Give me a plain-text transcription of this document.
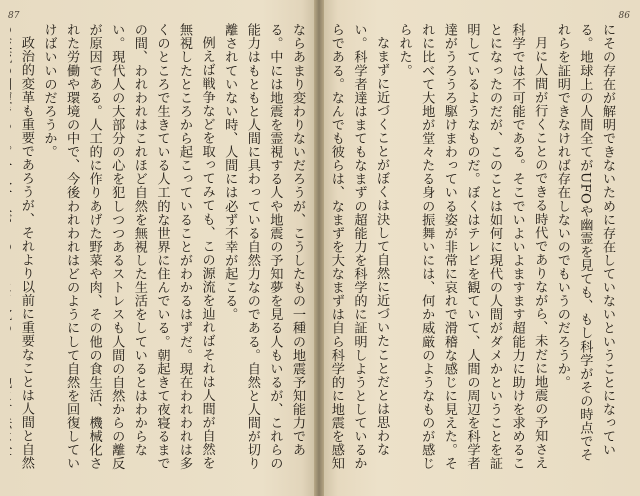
87

ならあまり変わりないだろうが、こうしたもの一種の地震予知能力である。中には地震を霊視する人や地震の予知夢を見る人もいるが、これらの能力はもともと人間に具わっている自然力なのである。自然と人間が切り離されていない時、人間には必ず不幸が起こる。

例えば戦争などを取ってみても、この源流を辿ればそれは人間が自然を無視したところから起こっていることがわかるはずだ。現在われわれは多くのところで生きている人工的な世界に住んでいる。朝起きて夜寝るまでの間、われわれはこれほど自然を無視した生活をしているとはわからない。現代人の大部分の心を犯しつつあるストレスも人間の自然からの離反が原因である。人工的に作りあげた野菜や肉、その他の食生活、機械化された労働や環境の中で、今後われわれはどのようにして自然を回復していけばいいのだろうか。

政治的変革も重要であろうが、それより以前に重要なことは人間と自然

86

にその存在が解明できないために存在していないということになっている。地球上の人間全てがUFOや幽霊を見ても、もし科学がその時点でそれらを証明できなければ存在しないのでもいうのだろうか。

月に人間が行くことのできる時代でありながら、未だに地震の予知さえ科学では不可能である。そこでいよいよますます超能力に助けを求めることになったのだが、このことは如何に現代の人間がダメかということを証明しているようなものだ。ぼくはテレビを観ていて、人間の周辺を科学者達がうろうろ駆けまわっている姿が非常に哀れで滑稽な感じに見えた。それに比べて大地が堂々たる身の振舞いには、何か威厳のようなものが感じられた。

なまずに近づくことがぼくは決して自然に近づいたことだとは思わない。科学者達はまてもなまずの超能力を科学的に証明しようとしているからである。なんでも彼らは、なまずを大なまずは自ら科学的に地震を感知
